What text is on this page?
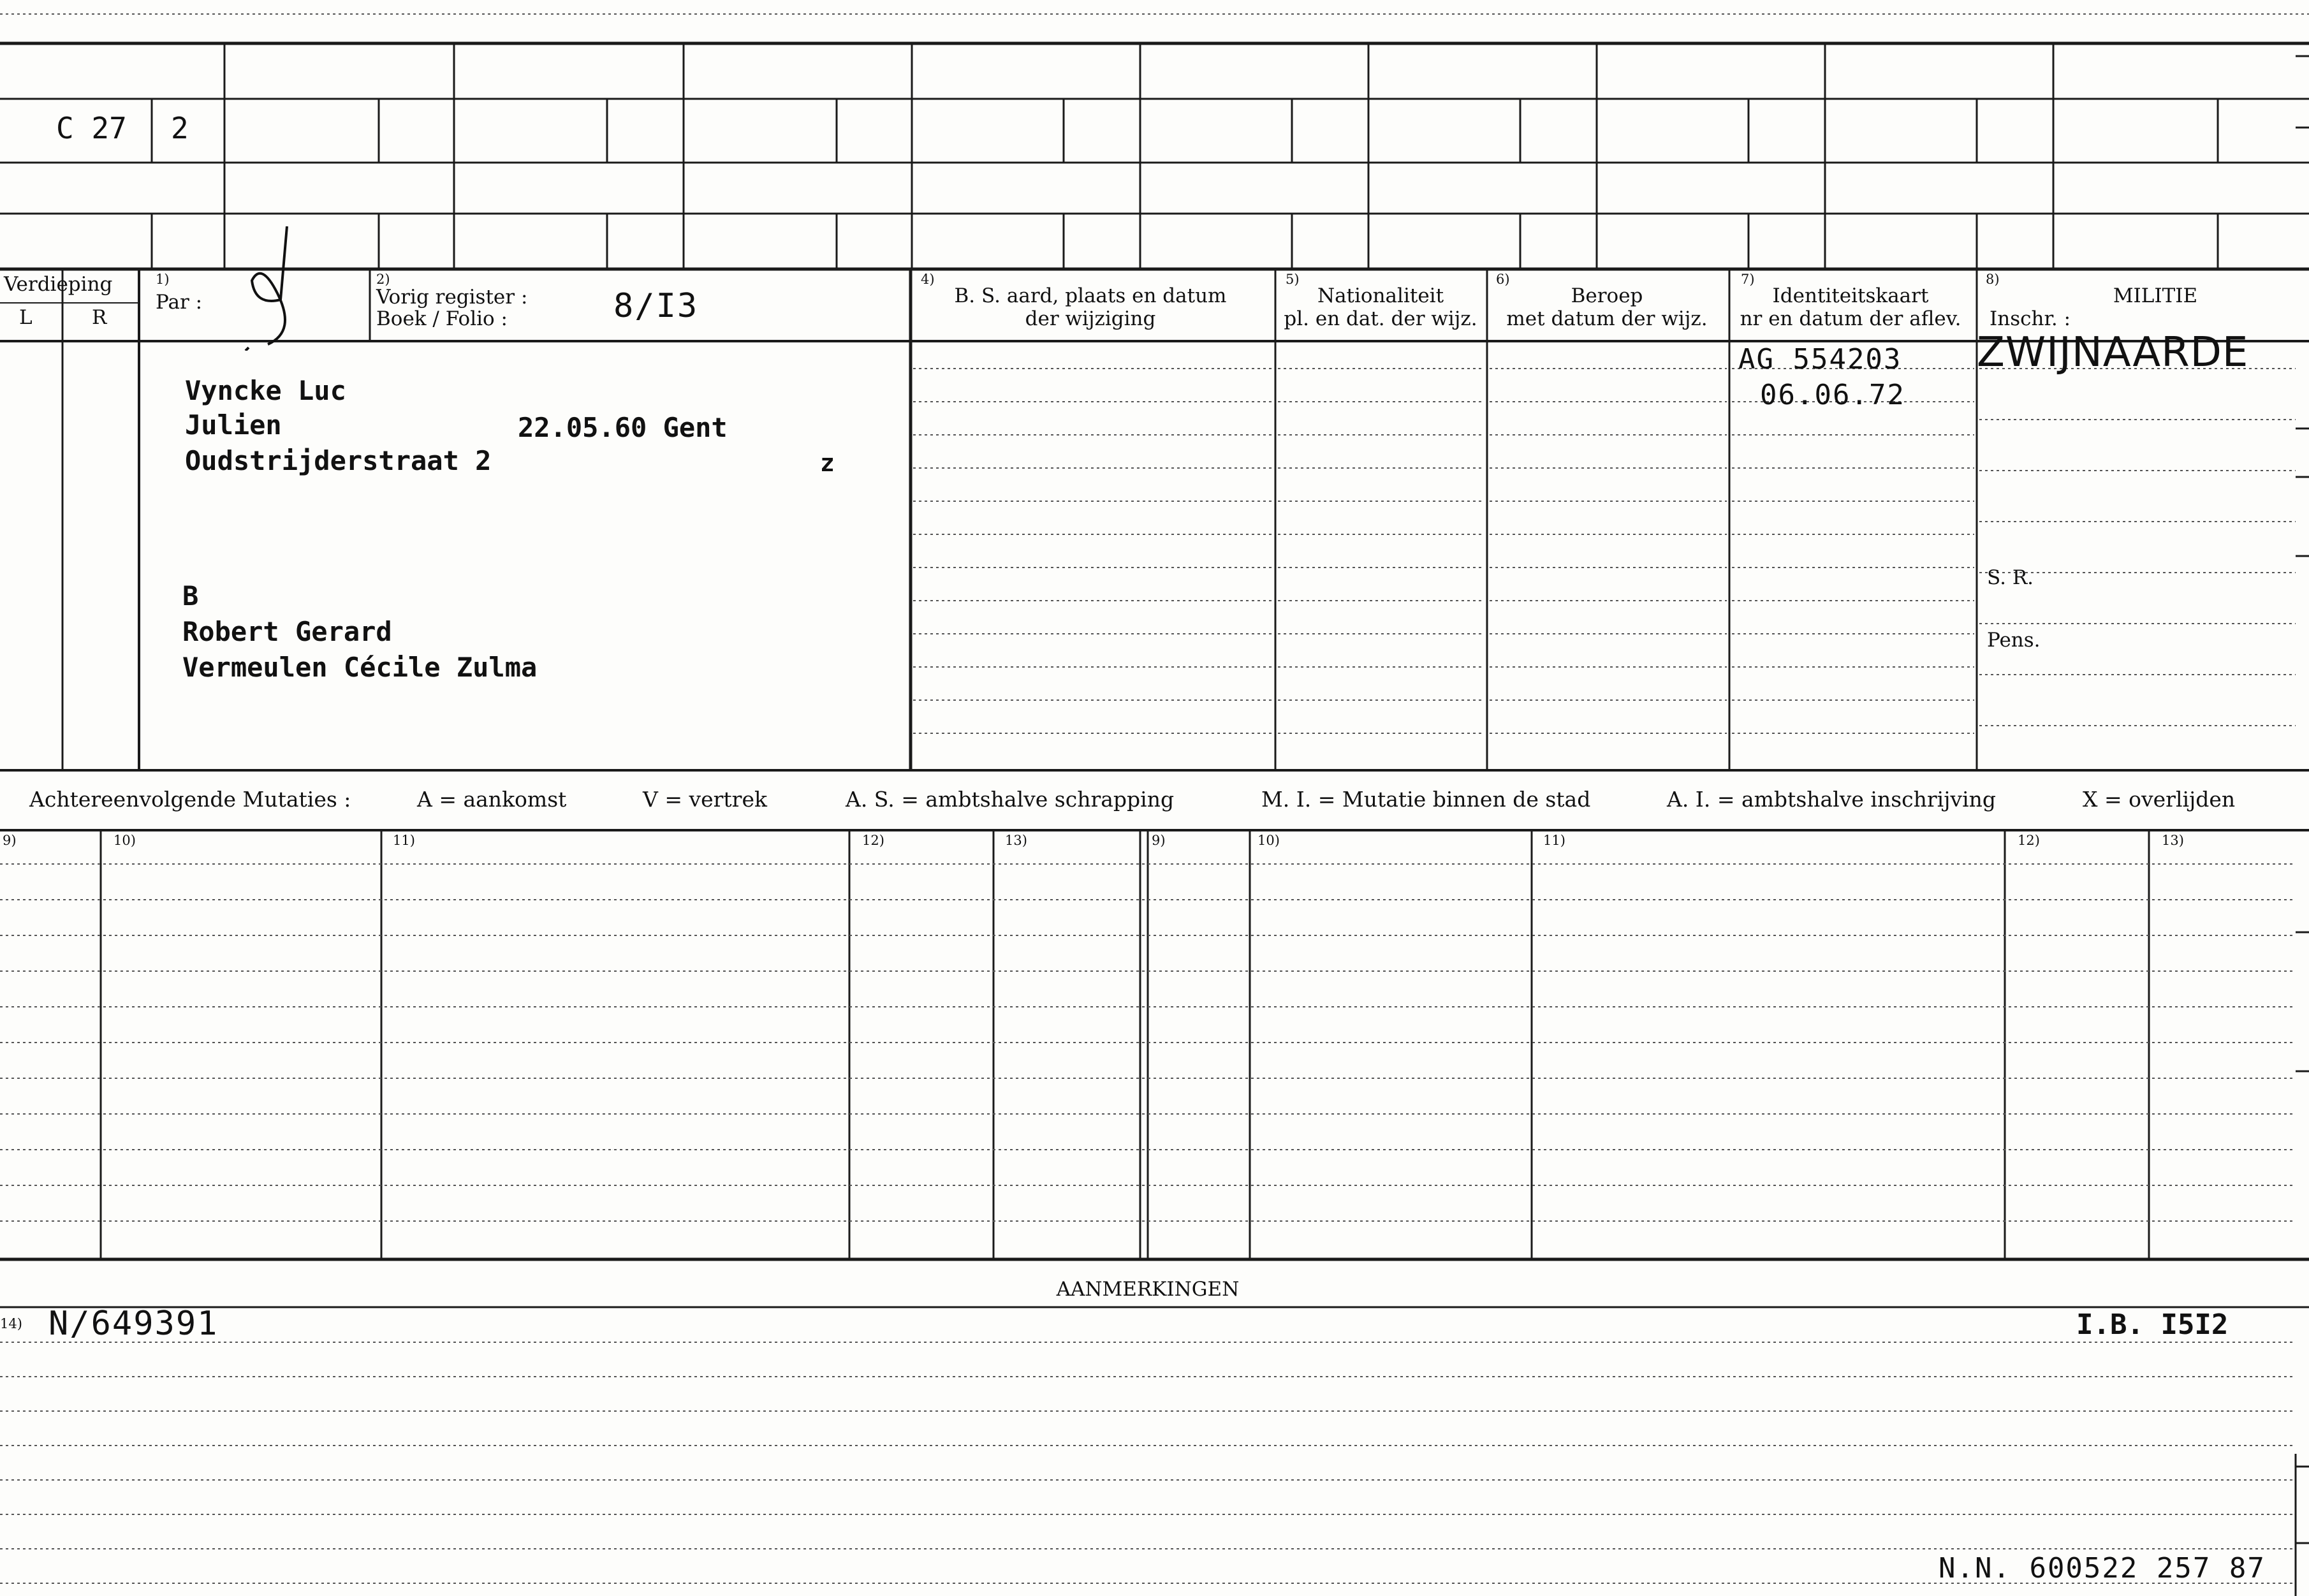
C 27 2
Verdieping
L	R
1)
Par :
2)
Vorig register :
Boek / Folio :	8/I3
4)
B. S. aard, plaats en datum
der wijziging
5)
Nationaliteit
pl. en dat. der wijz.
6)
Beroep
met datum der wijz.
7)
Identiteitskaart
nr en datum der aflev.
8)
MILITIE
Inschr. :
Vyncke Luc
Julien	22.05.60 Gent
Oudstrijderstraat 2	z
B
Robert Gerard
Vermeulen Cécile Zulma
AG 554203
06.06.72
ZWIJNAARDE
S. R.
Pens.
Achtereenvolgende Mutaties :	A = aankomst	V = vertrek	A. S. = ambtshalve schrapping	M. I. = Mutatie binnen de stad	A. I. = ambtshalve inschrijving	X = overlijden
9)	10)	11)	12)	13)	9)	10)	11)	12)	13)
AANMERKINGEN
14) N/649391	I.B. I5I2
N.N. 600522 257 87
